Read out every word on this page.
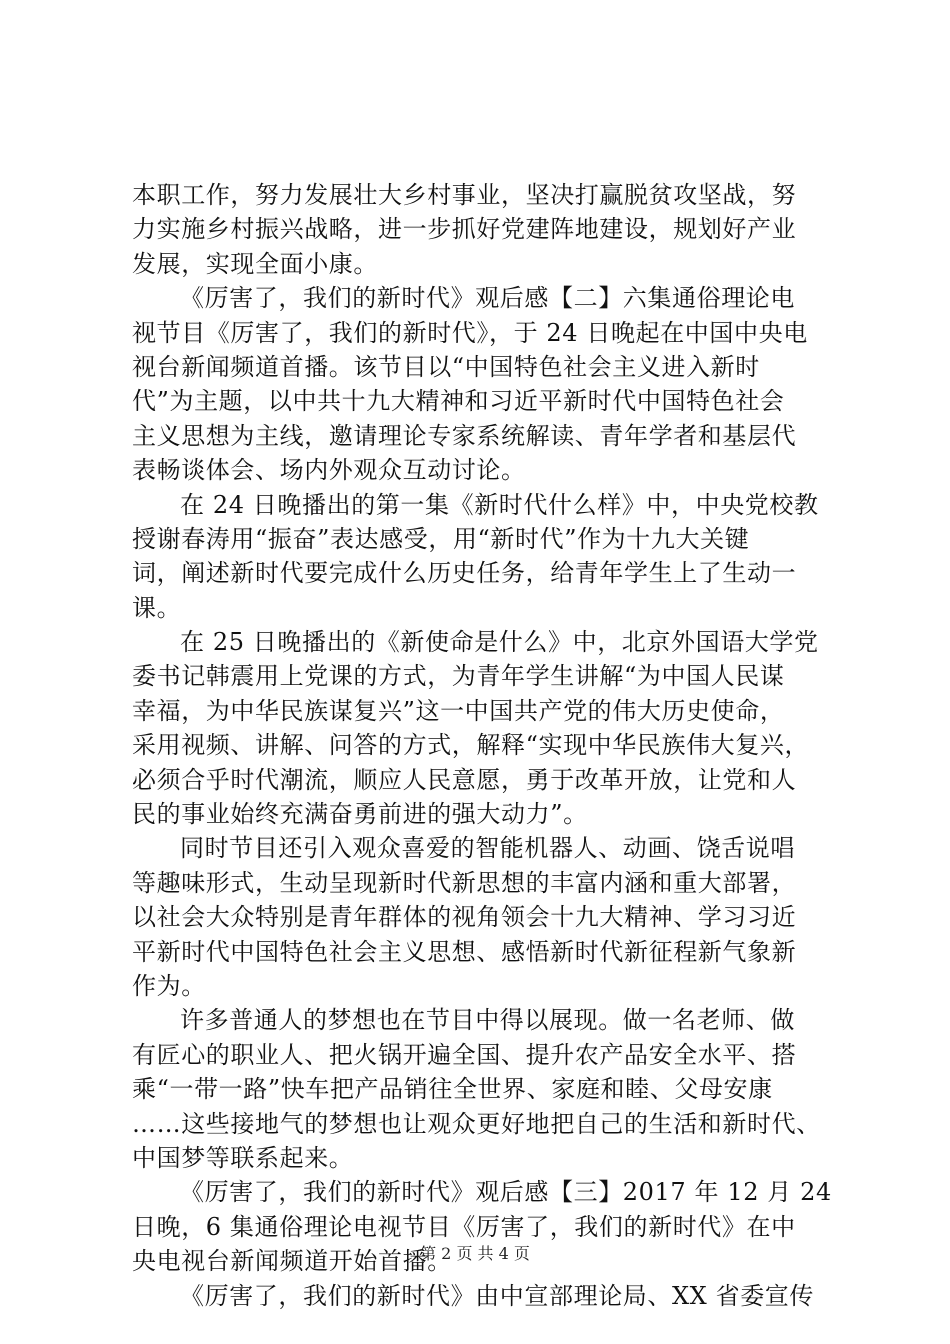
本职工作，努力发展壮大乡村事业，坚决打赢脱贫攻坚战，努
力实施乡村振兴战略，进一步抓好党建阵地建设，规划好产业
发展，实现全面小康。
《厉害了，我们的新时代》观后感【二】六集通俗理论电
视节目《厉害了，我们的新时代》，于 24 日晚起在中国中央电
视台新闻频道首播。该节目以“中国特色社会主义进入新时
代”为主题，以中共十九大精神和习近平新时代中国特色社会
主义思想为主线，邀请理论专家系统解读、青年学者和基层代
表畅谈体会、场内外观众互动讨论。
在 24 日晚播出的第一集《新时代什么样》中，中央党校教
授谢春涛用“振奋”表达感受，用“新时代”作为十九大关键
词，阐述新时代要完成什么历史任务，给青年学生上了生动一
课。
在 25 日晚播出的《新使命是什么》中，北京外国语大学党
委书记韩震用上党课的方式，为青年学生讲解“为中国人民谋
幸福，为中华民族谋复兴”这一中国共产党的伟大历史使命，
采用视频、讲解、问答的方式，解释“实现中华民族伟大复兴，
必须合乎时代潮流，顺应人民意愿，勇于改革开放，让党和人
民的事业始终充满奋勇前进的强大动力”。
同时节目还引入观众喜爱的智能机器人、动画、饶舌说唱
等趣味形式，生动呈现新时代新思想的丰富内涵和重大部署，
以社会大众特别是青年群体的视角领会十九大精神、学习习近
平新时代中国特色社会主义思想、感悟新时代新征程新气象新
作为。
许多普通人的梦想也在节目中得以展现。做一名老师、做
有匠心的职业人、把火锅开遍全国、提升农产品安全水平、搭
乘“一带一路”快车把产品销往全世界、家庭和睦、父母安康
……这些接地气的梦想也让观众更好地把自己的生活和新时代、
中国梦等联系起来。
《厉害了，我们的新时代》观后感【三】2017 年 12 月 24
日晚，6 集通俗理论电视节目《厉害了，我们的新时代》在中
央电视台新闻频道开始首播。
《厉害了，我们的新时代》由中宣部理论局、XX 省委宣传
第 2 页 共 4 页
